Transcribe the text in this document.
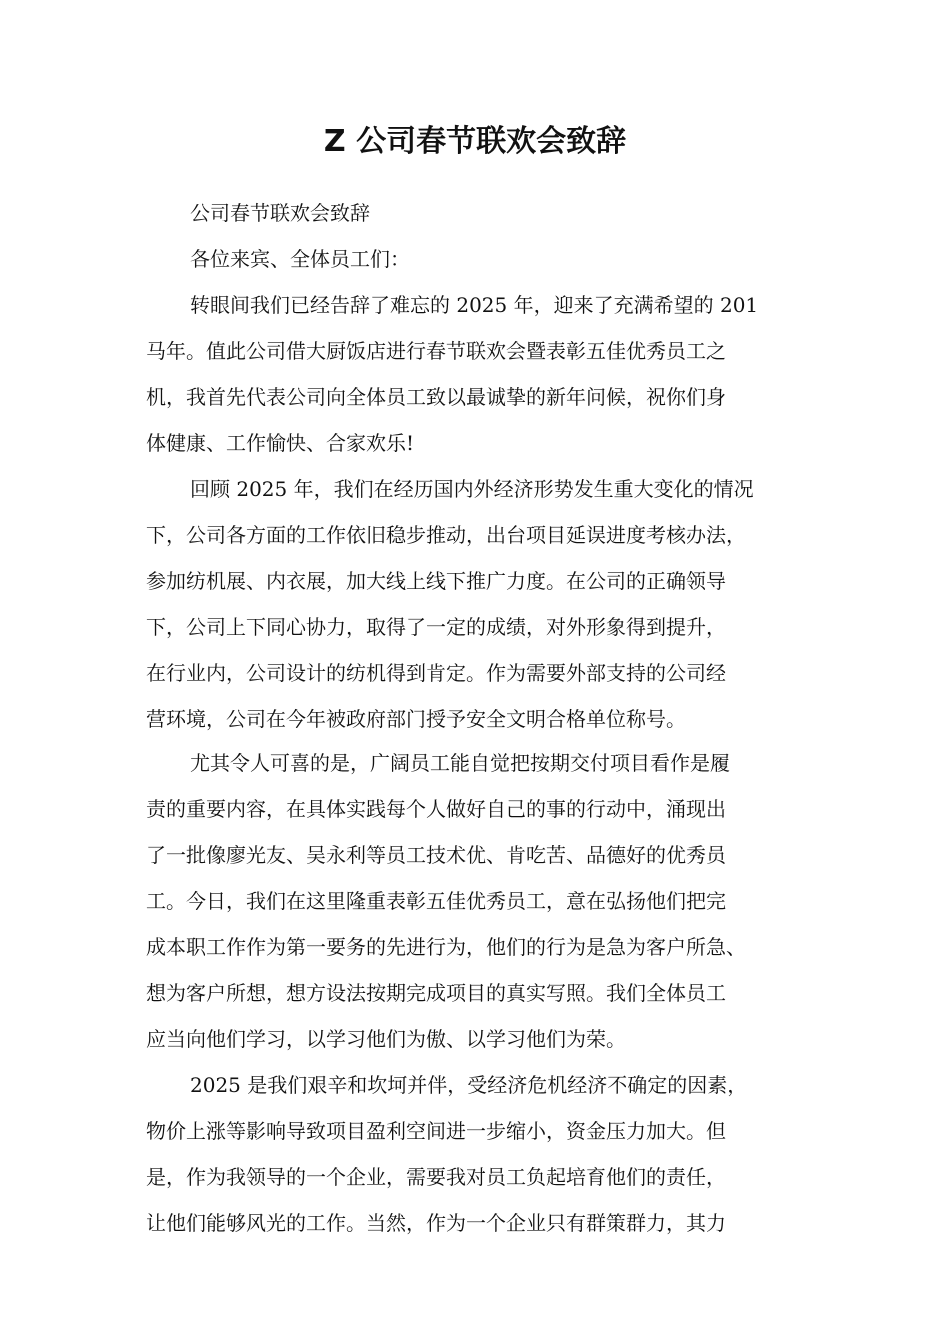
Z 公司春节联欢会致辞

公司春节联欢会致辞

各位来宾、全体员工们：

转眼间我们已经告辞了难忘的 2025 年，迎来了充满希望的 201
马年。值此公司借大厨饭店进行春节联欢会暨表彰五佳优秀员工之
机，我首先代表公司向全体员工致以最诚挚的新年问候，祝你们身
体健康、工作愉快、合家欢乐!

回顾 2025 年，我们在经历国内外经济形势发生重大变化的情况
下，公司各方面的工作依旧稳步推动，出台项目延误进度考核办法，
参加纺机展、内衣展，加大线上线下推广力度。在公司的正确领导
下，公司上下同心协力，取得了一定的成绩，对外形象得到提升，
在行业内，公司设计的纺机得到肯定。作为需要外部支持的公司经
营环境，公司在今年被政府部门授予安全文明合格单位称号。

尤其令人可喜的是，广阔员工能自觉把按期交付项目看作是履
责的重要内容，在具体实践每个人做好自己的事的行动中，涌现出
了一批像廖光友、吴永利等员工技术优、肯吃苦、品德好的优秀员
工。今日，我们在这里隆重表彰五佳优秀员工，意在弘扬他们把完
成本职工作作为第一要务的先进行为，他们的行为是急为客户所急、
想为客户所想，想方设法按期完成项目的真实写照。我们全体员工
应当向他们学习，以学习他们为傲、以学习他们为荣。

2025 是我们艰辛和坎坷并伴，受经济危机经济不确定的因素，
物价上涨等影响导致项目盈利空间进一步缩小，资金压力加大。但
是，作为我领导的一个企业，需要我对员工负起培育他们的责任，
让他们能够风光的工作。当然，作为一个企业只有群策群力，其力
